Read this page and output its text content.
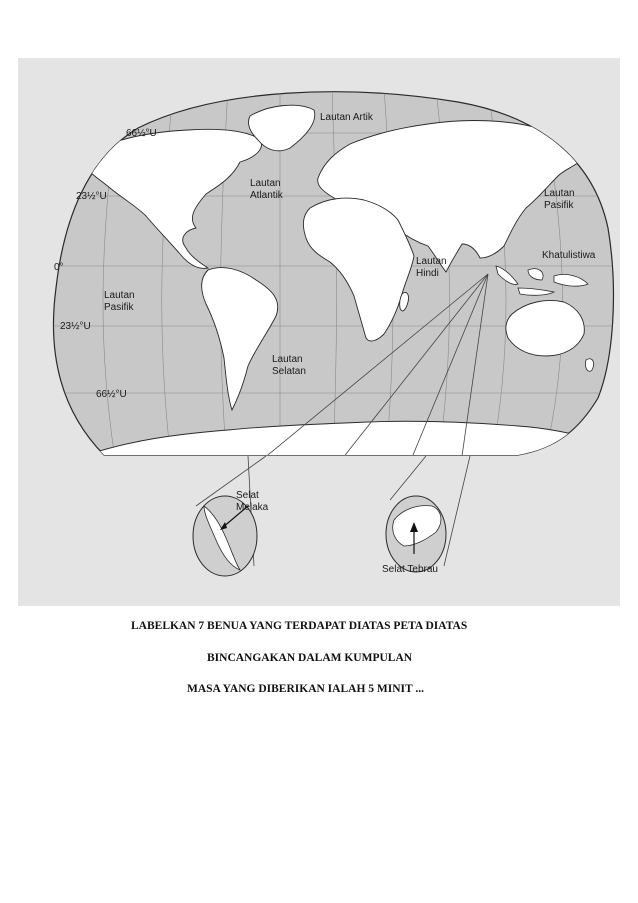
Lautan Artik
Lautan
Atlantik
Lautan
Pasifik
Lautan
Pasifik
Lautan
Hindi
Lautan
Selatan
Khatulistiwa
66½°U
23½°U
0°
23½°U
66½°U
Selat
Melaka
Selat Tebrau
LABELKAN 7 BENUA YANG TERDAPAT DIATAS PETA DIATAS
BINCANGAKAN DALAM KUMPULAN
MASA YANG DIBERIKAN IALAH 5 MINIT ...
